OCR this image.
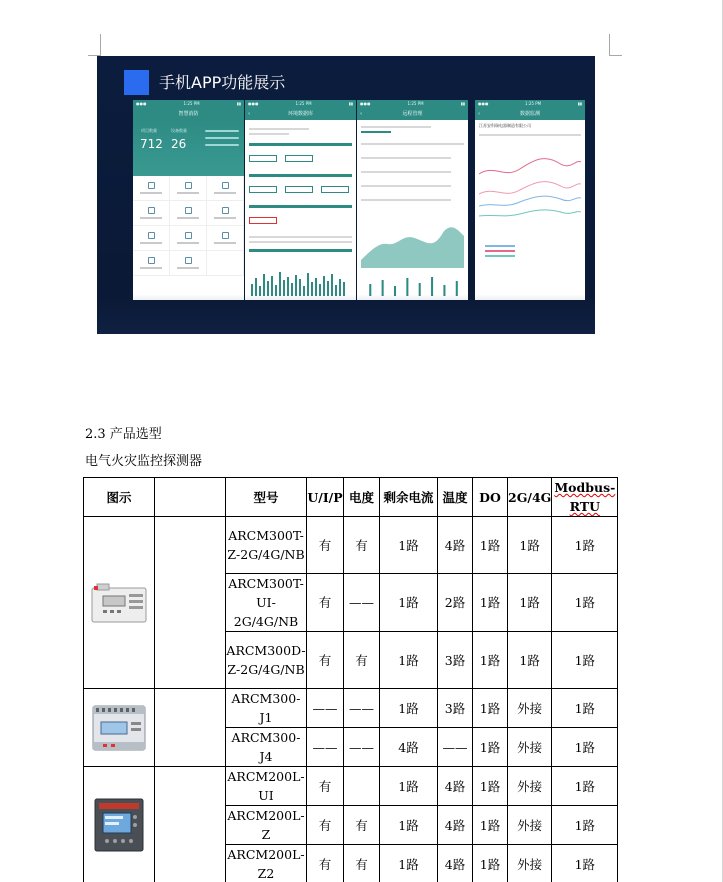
手机APP功能展示
●●●	1:25 PM	▮▮
智慧消防
项目数量	设备数量
712 26
●●●	1:25 PM	▮▮
‹	环境数据库
●●●	1:25 PM	▮▮
‹	远程管理
●●●	1:25 PM	▮▮
‹	数据监测
江苏安科瑞电器制造有限公司
2.3 产品选型
电气火灾监控探测器
图示		型号	U/I/P	电度	剩余电流	温度	DO	2G/4G	Modbus-RTU

		ARCM300T-Z-2G/4G/NB	有	有	1路	4路	1路	1路	1路
		ARCM300T-UI-2G/4G/NB	有	——	1路	2路	1路	1路	1路
		ARCM300D-Z-2G/4G/NB	有	有	1路	3路	1路	1路	1路

		ARCM300-J1	——	——	1路	3路	1路	外接	1路
		ARCM300-J4	——	——	4路	——	1路	外接	1路

		ARCM200L-UI	有		1路	4路	1路	外接	1路
		ARCM200L-Z	有	有	1路	4路	1路	外接	1路
		ARCM200L-Z2	有	有	1路	4路	1路	外接	1路
